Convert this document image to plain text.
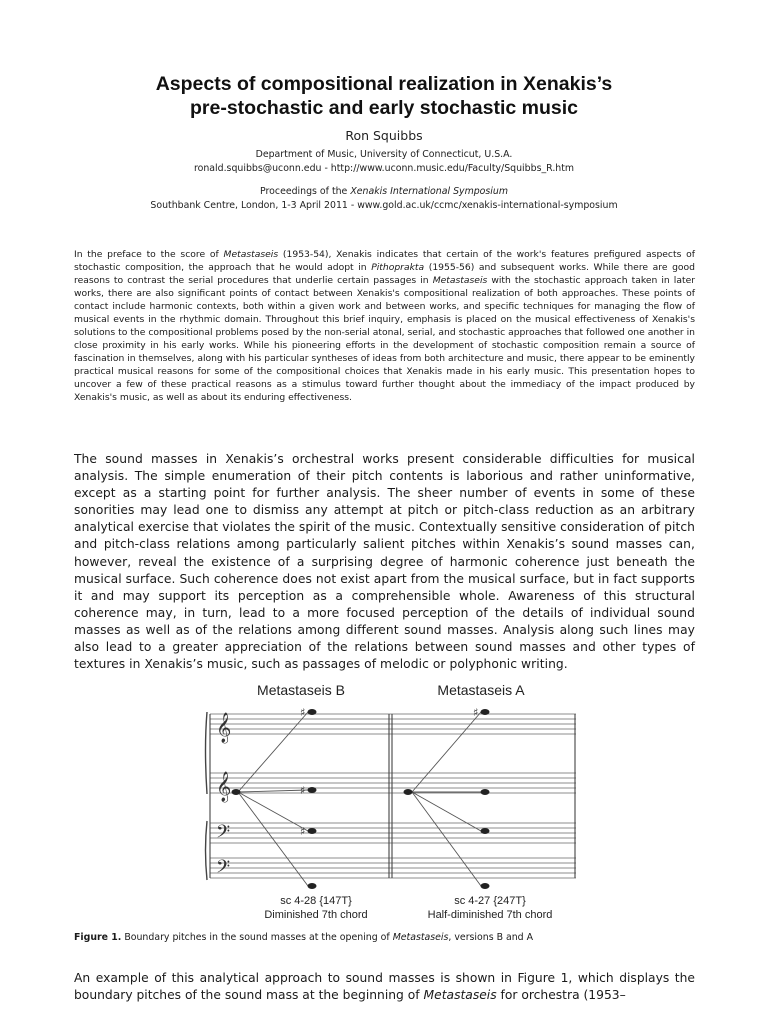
Aspects of compositional realization in Xenakis’s
pre-stochastic and early stochastic music
Ron Squibbs
Department of Music, University of Connecticut, U.S.A.
ronald.squibbs@uconn.edu - http://www.uconn.music.edu/Faculty/Squibbs_R.htm
Proceedings of the Xenakis International Symposium
Southbank Centre, London, 1-3 April 2011 - www.gold.ac.uk/ccmc/xenakis-international-symposium
In the preface to the score of Metastaseis (1953-54), Xenakis indicates that certain of the work's features prefigured aspects of stochastic composition, the approach that he would adopt in Pithoprakta (1955-56) and subsequent works. While there are good reasons to contrast the serial procedures that underlie certain passages in Metastaseis with the stochastic approach taken in later works, there are also significant points of contact between Xenakis's compositional realization of both approaches. These points of contact include harmonic contexts, both within a given work and between works, and specific techniques for managing the flow of musical events in the rhythmic domain. Throughout this brief inquiry, emphasis is placed on the musical effectiveness of Xenakis's solutions to the compositional problems posed by the non-serial atonal, serial, and stochastic approaches that followed one another in close proximity in his early works. While his pioneering efforts in the development of stochastic composition remain a source of fascination in themselves, along with his particular syntheses of ideas from both architecture and music, there appear to be eminently practical musical reasons for some of the compositional choices that Xenakis made in his early music. This presentation hopes to uncover a few of these practical reasons as a stimulus toward further thought about the immediacy of the impact produced by Xenakis's music, as well as about its enduring effectiveness.
The sound masses in Xenakis’s orchestral works present considerable difficulties for musical analysis. The simple enumeration of their pitch contents is laborious and rather uninformative, except as a starting point for further analysis. The sheer number of events in some of these sonorities may lead one to dismiss any attempt at pitch or pitch-class reduction as an arbitrary analytical exercise that violates the spirit of the music. Contextually sensitive consideration of pitch and pitch-class relations among particularly salient pitches within Xenakis’s sound masses can, however, reveal the existence of a surprising degree of harmonic coherence just beneath the musical surface. Such coherence does not exist apart from the musical surface, but in fact supports it and may support its perception as a comprehensible whole. Awareness of this structural coherence may, in turn, lead to a more focused perception of the details of individual sound masses as well as of the relations among different sound masses. Analysis along such lines may also lead to a greater appreciation of the relations between sound masses and other types of textures in Xenakis’s music, such as passages of melodic or polyphonic writing.
𝄞
𝄞
𝄢
𝄢
♯
♯
♯
♯
Metastaseis B	Metastaseis A
sc 4-28 {147T}
Diminished 7th chord
sc 4-27 {247T}
Half-diminished 7th chord
Figure 1. Boundary pitches in the sound masses at the opening of Metastaseis, versions B and A
An example of this analytical approach to sound masses is shown in Figure 1, which displays the boundary pitches of the sound mass at the beginning of Metastaseis for orchestra (1953–
